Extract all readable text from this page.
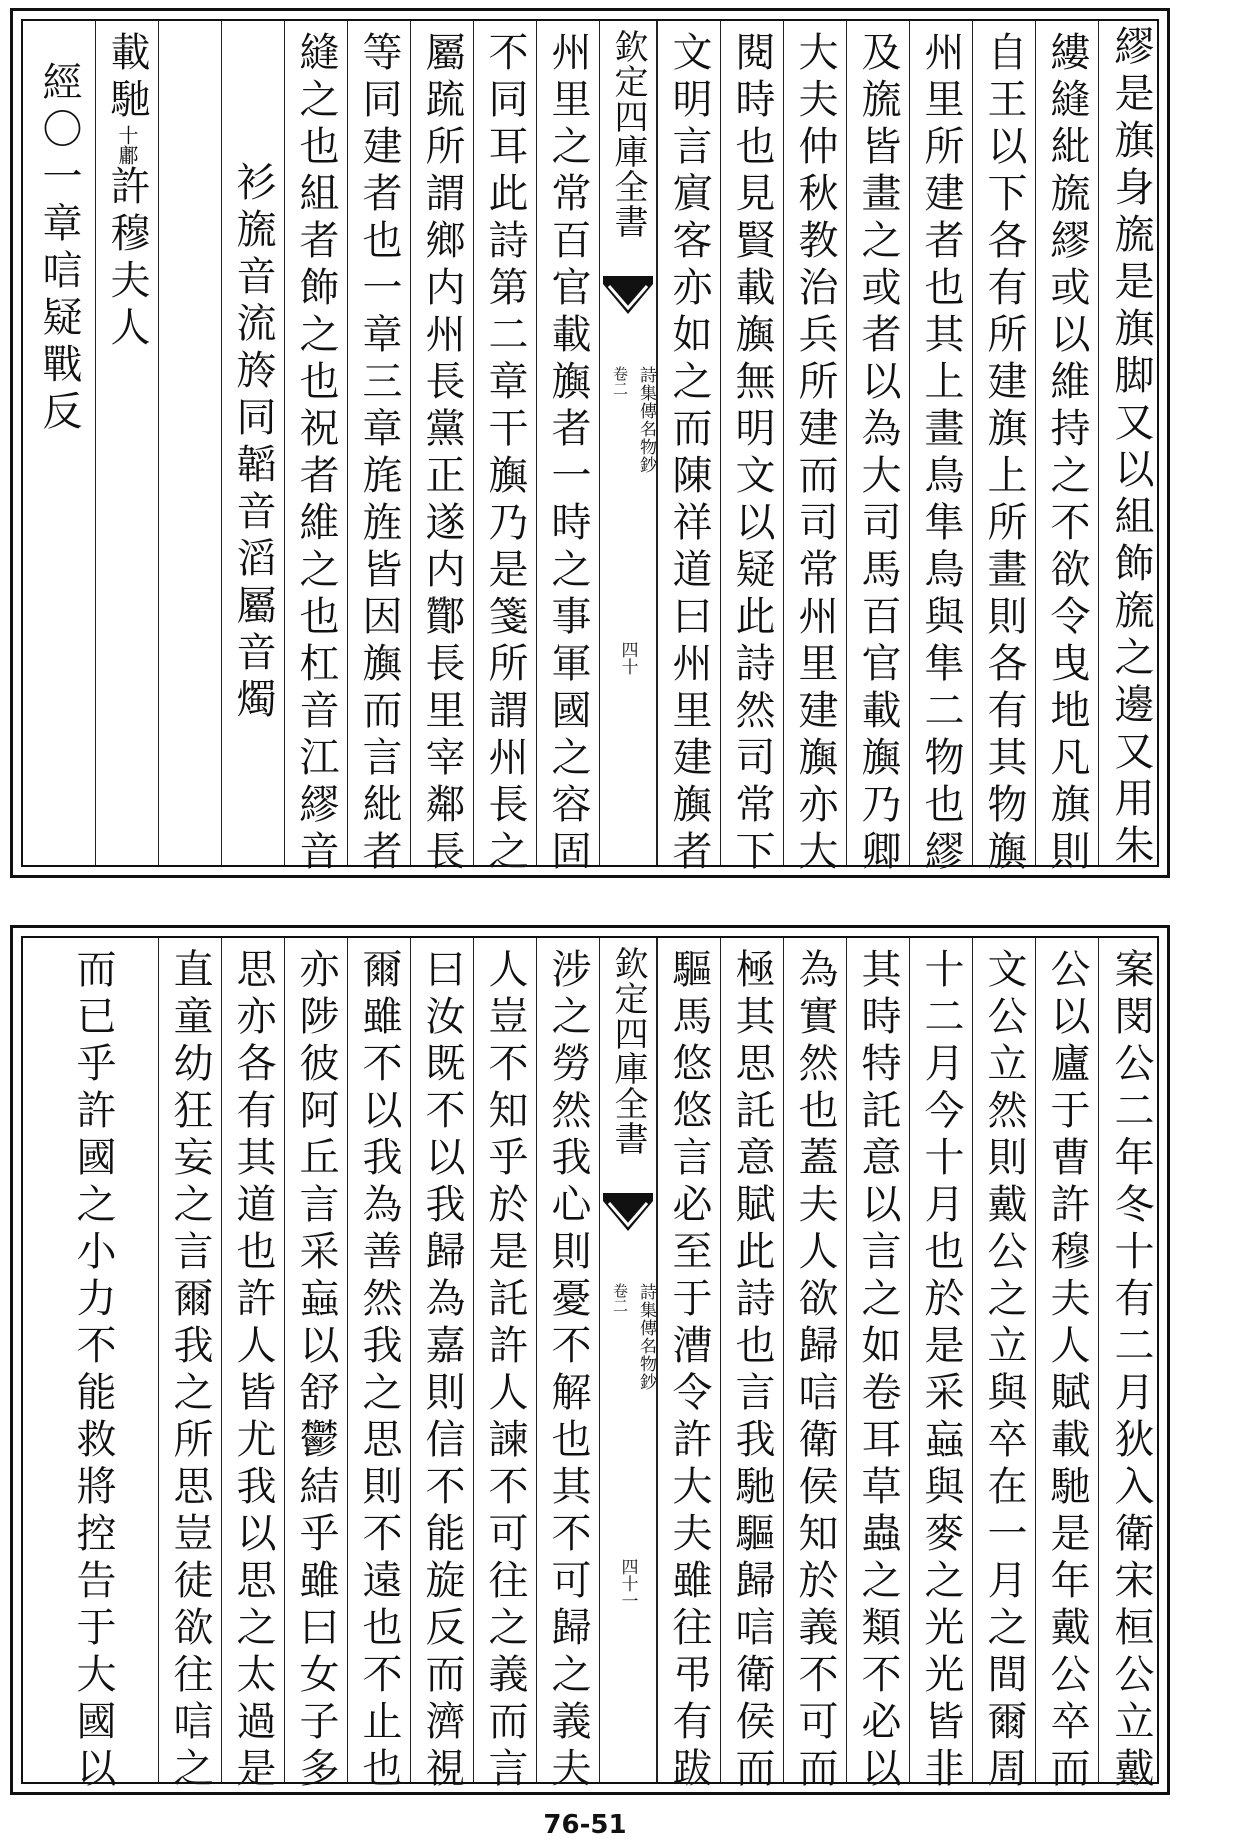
繆是旗身旒是旗脚又以組飾旒之邊又用朱
縷縫紕旒繆或以維持之不欲令曳地凡旗則
自王以下各有所建旗上所畫則各有其物旟
州里所建者也其上畫鳥隼鳥與隼二物也繆
及旒皆畫之或者以為大司馬百官載旟乃卿
大夫仲秋教治兵所建而司常州里建旟亦大
閱時也見賢載旟無明文以疑此詩然司常下
文明言賔客亦如之而陳祥道曰州里建旟者
欽定四庫全書
詩集傳名物鈔
卷二
四十
州里之常百官載旟者一時之事軍國之容固
不同耳此詩第二章干旟乃是箋所謂州長之
屬䟽所謂鄉内州長黨正遂内酇長里宰鄰長
等同建者也一章三章旄旌皆因旟而言紕者
縫之也組者飾之也祝者維之也杠音江繆音
衫旒音流旍同韜音滔屬音燭
載馳十鄘許穆夫人
經〇一章唁疑戰反
案閔公二年冬十有二月狄入衛宋桓公立戴
公以廬于曹許穆夫人賦載馳是年戴公卒而
文公立然則戴公之立與卒在一月之間爾周
十二月今十月也於是采蝱與麥之光光皆非
其時特託意以言之如卷耳草蟲之類不必以
為實然也蓋夫人欲歸唁衛侯知於義不可而
極其思託意賦此詩也言我馳驅歸唁衛侯而
驅馬悠悠言必至于漕令許大夫雖往弔有跋
欽定四庫全書
詩集傳名物鈔
卷二
四十一
涉之勞然我心則憂不解也其不可歸之義夫
人豈不知乎於是託許人諫不可往之義而言
曰汝既不以我歸為嘉則信不能旋反而濟視
爾雖不以我為善然我之思則不遠也不止也
亦陟彼阿丘言采蝱以舒鬱結乎雖曰女子多
思亦各有其道也許人皆尤我以思之太過是
直童幼狂妄之言爾我之所思豈徒欲往唁之
而已乎許國之小力不能救將控告于大國以
76-51
